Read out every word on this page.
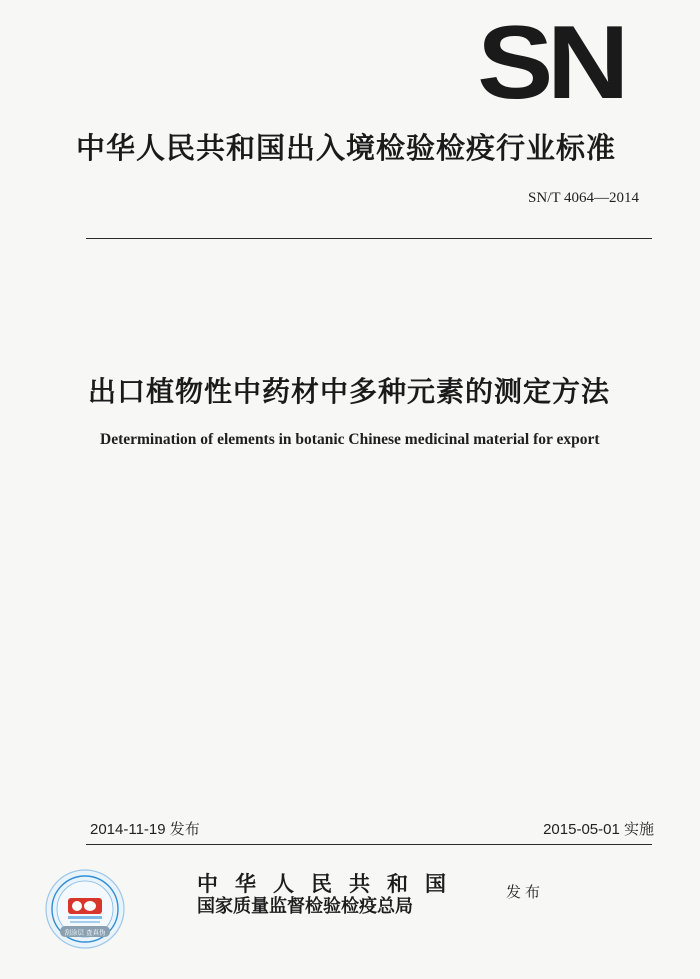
SN
中华人民共和国出入境检验检疫行业标准
SN/T 4064—2014
出口植物性中药材中多种元素的测定方法
Determination of elements in botanic Chinese medicinal material for export
2014-11-19 发布	2015-05-01 实施
刮涂层 查真伪
中华人民共和国
国家质量监督检验检疫总局
发布
